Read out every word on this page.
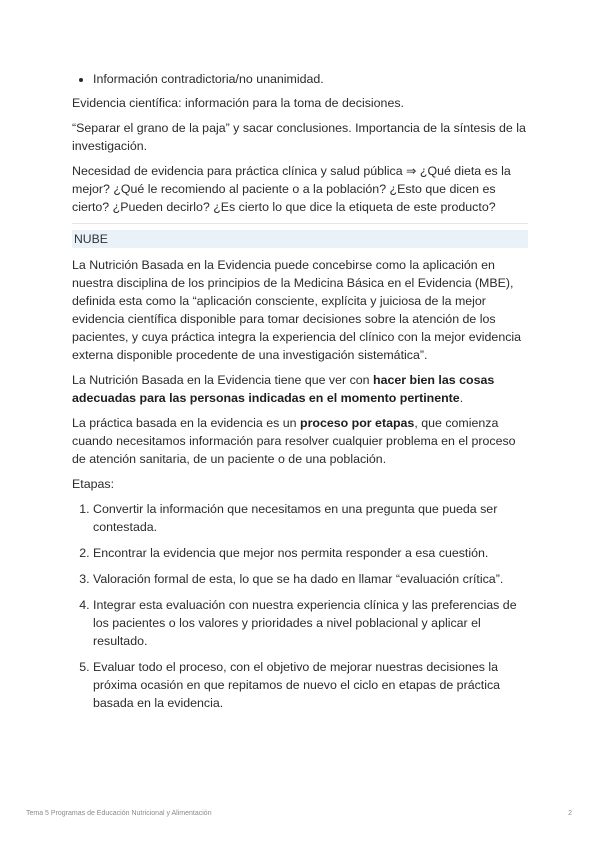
• Información contradictoria/no unanimidad.

Evidencia científica: información para la toma de decisiones.

“Separar el grano de la paja” y sacar conclusiones. Importancia de la síntesis de la investigación.

Necesidad de evidencia para práctica clínica y salud pública ⇒ ¿Qué dieta es la mejor? ¿Qué le recomiendo al paciente o a la población? ¿Esto que dicen es cierto? ¿Pueden decirlo? ¿Es cierto lo que dice la etiqueta de este producto?

NUBE

La Nutrición Basada en la Evidencia puede concebirse como la aplicación en nuestra disciplina de los principios de la Medicina Básica en el Evidencia (MBE), definida esta como la “aplicación consciente, explícita y juiciosa de la mejor evidencia científica disponible para tomar decisiones sobre la atención de los pacientes, y cuya práctica integra la experiencia del clínico con la mejor evidencia externa disponible procedente de una investigación sistemática”.

La Nutrición Basada en la Evidencia tiene que ver con hacer bien las cosas adecuadas para las personas indicadas en el momento pertinente.

La práctica basada en la evidencia es un proceso por etapas, que comienza cuando necesitamos información para resolver cualquier problema en el proceso de atención sanitaria, de un paciente o de una población.

Etapas:

1. Convertir la información que necesitamos en una pregunta que pueda ser contestada.
2. Encontrar la evidencia que mejor nos permita responder a esa cuestión.
3. Valoración formal de esta, lo que se ha dado en llamar “evaluación crítica”.
4. Integrar esta evaluación con nuestra experiencia clínica y las preferencias de los pacientes o los valores y prioridades a nivel poblacional y aplicar el resultado.
5. Evaluar todo el proceso, con el objetivo de mejorar nuestras decisiones la próxima ocasión en que repitamos de nuevo el ciclo en etapas de práctica basada en la evidencia.
Tema 5 Programas de Educación Nutricional y Alimentación	2
